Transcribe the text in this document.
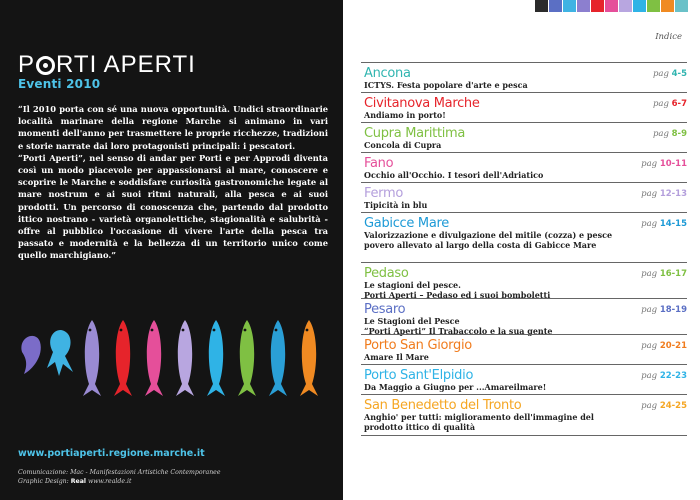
P RTI APERTI
Eventi 2010

“Il 2010 porta con sé una nuova opportunità. Undici straordinarie località marinare della regione Marche si animano in vari momenti dell'anno per trasmettere le proprie ricchezze, tradizioni e storie narrate dai loro protagonisti principali: i pescatori.

“Porti Aperti”, nel senso di andar per Porti e per Approdi diventa così un modo piacevole per appassionarsi al mare, conoscere e scoprire le Marche e soddisfare curiosità gastronomiche legate al mare nostrum e ai suoi ritmi naturali, alla pesca e ai suoi prodotti. Un percorso di conoscenza che, partendo dal prodotto ittico nostrano - varietà organolettiche, stagionalità e salubrità - offre al pubblico l'occasione di vivere l'arte della pesca tra passato e modernità e la bellezza di un territorio unico come quello marchigiano.”

www.portiaperti.regione.marche.it
Comunicazione: Mac - Manifestazioni Artistiche Contemporanee
Graphic Design: Real www.realde.it
Indice
Ancona
ICTYS. Festa popolare d'arte e pesca
pag 4-5
Civitanova Marche
Andiamo in porto!
pag 6-7
Cupra Marittima
Concola di Cupra
pag 8-9
Fano
Occhio all'Occhio. I tesori dell'Adriatico
pag 10-11
Fermo
Tipicità in blu
pag 12-13
Gabicce Mare
Valorizzazione e divulgazione del mitile (cozza) e pesce povero allevato al largo della costa di Gabicce Mare
pag 14-15
Pedaso
Le stagioni del pesce.
Porti Aperti – Pedaso ed i suoi bomboletti
pag 16-17
Pesaro
Le Stagioni del Pesce
“Porti Aperti” Il Trabaccolo e la sua gente
pag 18-19
Porto San Giorgio
Amare Il Mare
pag 20-21
Porto Sant'Elpidio
Da Maggio a Giugno per ...Amareilmare!
pag 22-23
San Benedetto del Tronto
Anghio' per tutti: miglioramento dell'immagine del prodotto ittico di qualità
pag 24-25
